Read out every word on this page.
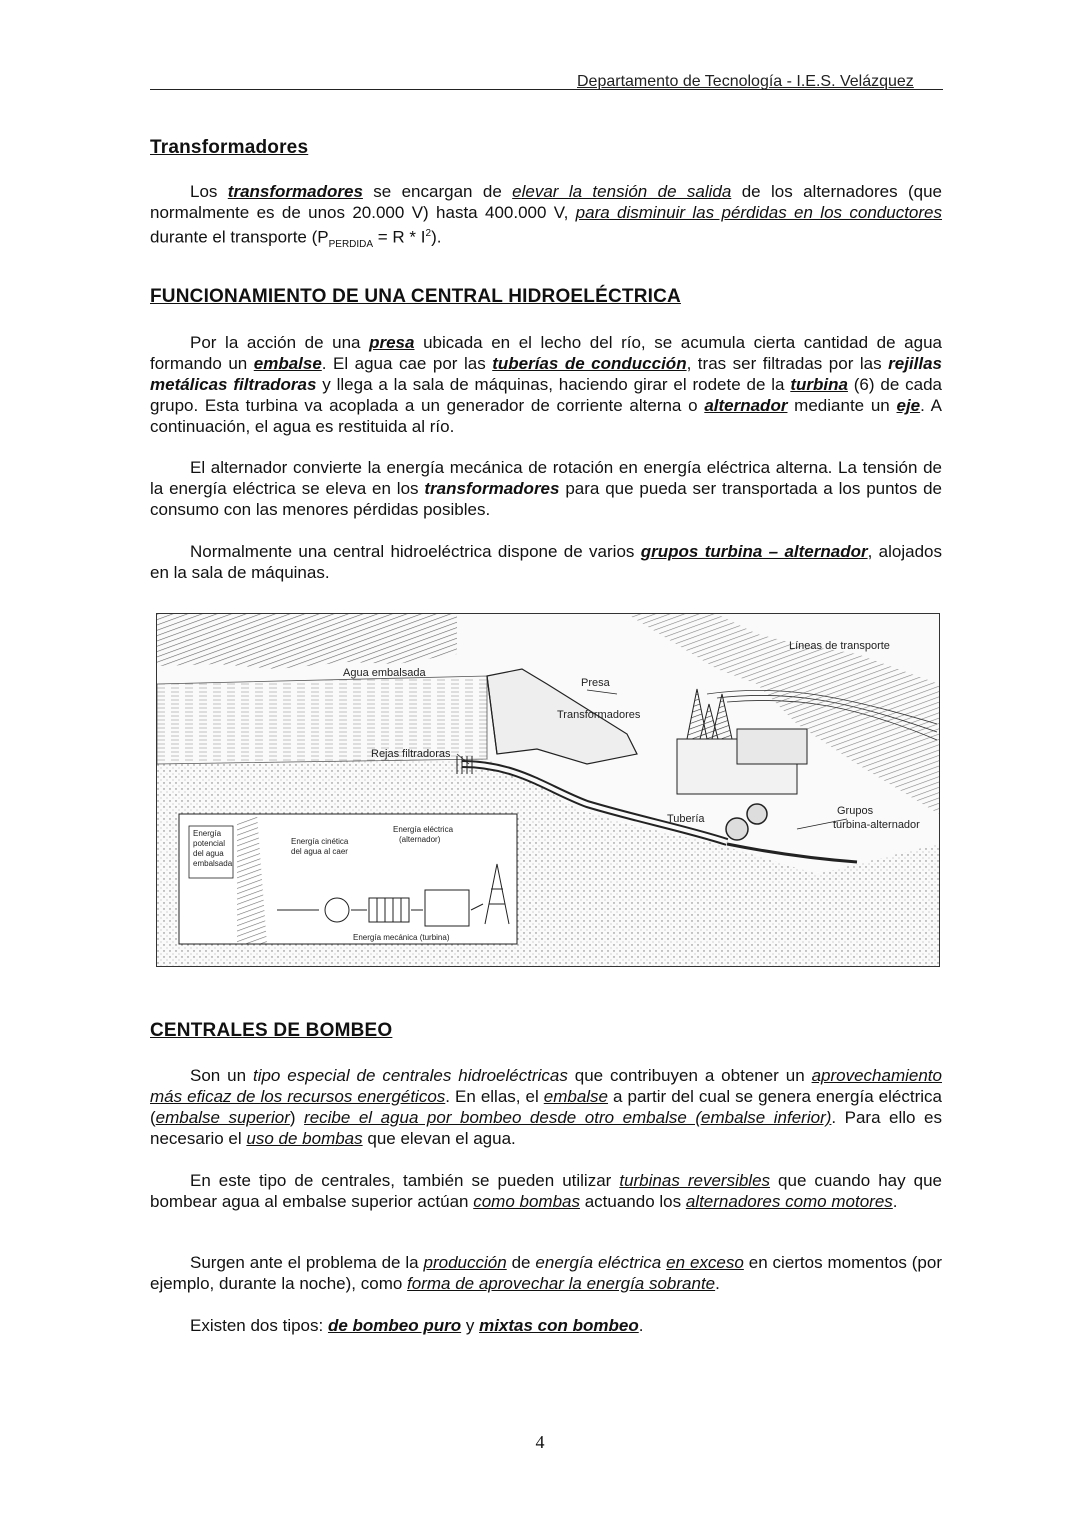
Departamento de Tecnología - I.E.S. Velázquez
Transformadores

Los transformadores se encargan de elevar la tensión de salida de los alternadores (que normalmente es de unos 20.000 V) hasta 400.000 V, para disminuir las pérdidas en los conductores durante el transporte $(P_{PERDIDA} = R * I^2)$.

FUNCIONAMIENTO DE UNA CENTRAL HIDROELÉCTRICA

Por la acción de una presa ubicada en el lecho del río, se acumula cierta cantidad de agua formando un embalse. El agua cae por las tuberías de conducción, tras ser filtradas por las rejillas metálicas filtradoras y llega a la sala de máquinas, haciendo girar el rodete de la turbina (6) de cada grupo. Esta turbina va acoplada a un generador de corriente alterna o alternador mediante un eje. A continuación, el agua es restituida al río.

El alternador convierte la energía mecánica de rotación en energía eléctrica alterna. La tensión de la energía eléctrica se eleva en los transformadores para que pueda ser transportada a los puntos de consumo con las menores pérdidas posibles.

Normalmente una central hidroeléctrica dispone de varios grupos turbina – alternador, alojados en la sala de máquinas.

Agua embalsada
Líneas de transporte
Presa
Transformadores
Rejas filtradoras
Tubería
Grupos
turbina-alternador
Energía
potencial
del agua
embalsada
Energía cinética
del agua al caer
Energía eléctrica
(alternador)
Energía mecánica (turbina)
CENTRALES DE BOMBEO

Son un tipo especial de centrales hidroeléctricas que contribuyen a obtener un aprovechamiento más eficaz de los recursos energéticos. En ellas, el embalse a partir del cual se genera energía eléctrica (embalse superior) recibe el agua por bombeo desde otro embalse (embalse inferior). Para ello es necesario el uso de bombas que elevan el agua.

En este tipo de centrales, también se pueden utilizar turbinas reversibles que cuando hay que bombear agua al embalse superior actúan como bombas actuando los alternadores como motores.

Surgen ante el problema de la producción de energía eléctrica en exceso en ciertos momentos (por ejemplo, durante la noche), como forma de aprovechar la energía sobrante.

Existen dos tipos: de bombeo puro y mixtas con bombeo.

4
